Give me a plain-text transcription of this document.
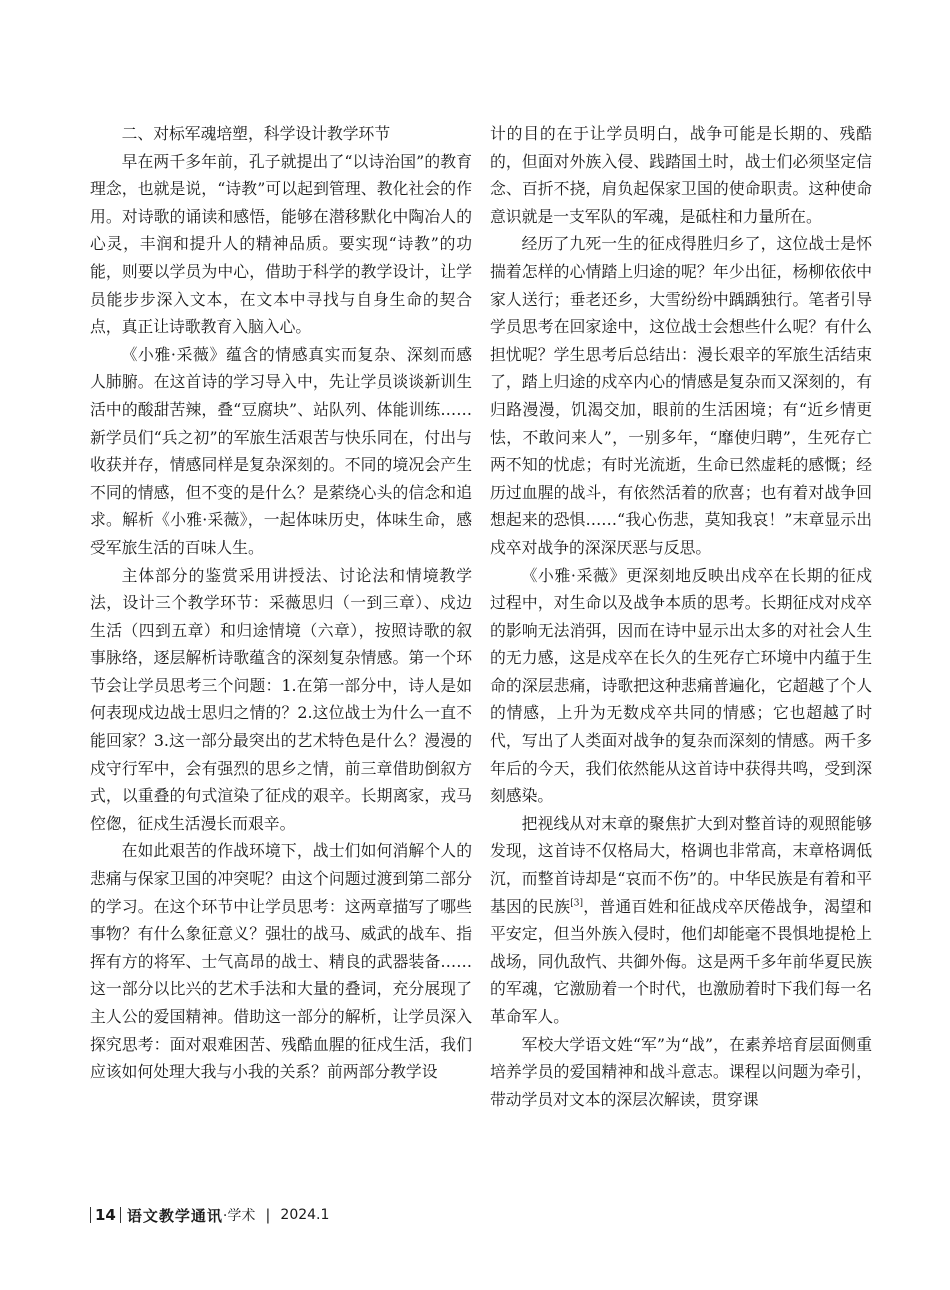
二、对标军魂培塑，科学设计教学环节

早在两千多年前，孔子就提出了“以诗治国”的教育理念，也就是说，“诗教”可以起到管理、教化社会的作用。对诗歌的诵读和感悟，能够在潜移默化中陶冶人的心灵，丰润和提升人的精神品质。要实现“诗教”的功能，则要以学员为中心，借助于科学的教学设计，让学员能步步深入文本，在文本中寻找与自身生命的契合点，真正让诗歌教育入脑入心。

《小雅·采薇》蕴含的情感真实而复杂、深刻而感人肺腑。在这首诗的学习导入中，先让学员谈谈新训生活中的酸甜苦辣，叠“豆腐块”、站队列、体能训练……新学员们“兵之初”的军旅生活艰苦与快乐同在，付出与收获并存，情感同样是复杂深刻的。不同的境况会产生不同的情感，但不变的是什么？是萦绕心头的信念和追求。解析《小雅·采薇》，一起体味历史，体味生命，感受军旅生活的百味人生。

主体部分的鉴赏采用讲授法、讨论法和情境教学法，设计三个教学环节：采薇思归（一到三章）、戍边生活（四到五章）和归途情境（六章），按照诗歌的叙事脉络，逐层解析诗歌蕴含的深刻复杂情感。第一个环节会让学员思考三个问题：1.在第一部分中，诗人是如何表现戍边战士思归之情的？2.这位战士为什么一直不能回家？3.这一部分最突出的艺术特色是什么？漫漫的戍守行军中，会有强烈的思乡之情，前三章借助倒叙方式，以重叠的句式渲染了征戍的艰辛。长期离家，戎马倥偬，征戍生活漫长而艰辛。

在如此艰苦的作战环境下，战士们如何消解个人的悲痛与保家卫国的冲突呢？由这个问题过渡到第二部分的学习。在这个环节中让学员思考：这两章描写了哪些事物？有什么象征意义？强壮的战马、威武的战车、指挥有方的将军、士气高昂的战士、精良的武器装备……这一部分以比兴的艺术手法和大量的叠词，充分展现了主人公的爱国精神。借助这一部分的解析，让学员深入探究思考：面对艰难困苦、残酷血腥的征戍生活，我们应该如何处理大我与小我的关系？前两部分教学设

计的目的在于让学员明白，战争可能是长期的、残酷的，但面对外族入侵、践踏国土时，战士们必须坚定信念、百折不挠，肩负起保家卫国的使命职责。这种使命意识就是一支军队的军魂，是砥柱和力量所在。

经历了九死一生的征戍得胜归乡了，这位战士是怀揣着怎样的心情踏上归途的呢？年少出征，杨柳依依中家人送行；垂老还乡，大雪纷纷中踽踽独行。笔者引导学员思考在回家途中，这位战士会想些什么呢？有什么担忧呢？学生思考后总结出：漫长艰辛的军旅生活结束了，踏上归途的戍卒内心的情感是复杂而又深刻的，有归路漫漫，饥渴交加，眼前的生活困境；有“近乡情更怯，不敢问来人”，一别多年，“靡使归聘”，生死存亡两不知的忧虑；有时光流逝，生命已然虚耗的感慨；经历过血腥的战斗，有依然活着的欣喜；也有着对战争回想起来的恐惧……“我心伤悲，莫知我哀！”末章显示出戍卒对战争的深深厌恶与反思。

《小雅·采薇》更深刻地反映出戍卒在长期的征戍过程中，对生命以及战争本质的思考。长期征戍对戍卒的影响无法消弭，因而在诗中显示出太多的对社会人生的无力感，这是戍卒在长久的生死存亡环境中内蕴于生命的深层悲痛，诗歌把这种悲痛普遍化，它超越了个人的情感，上升为无数戍卒共同的情感；它也超越了时代，写出了人类面对战争的复杂而深刻的情感。两千多年后的今天，我们依然能从这首诗中获得共鸣，受到深刻感染。

把视线从对末章的聚焦扩大到对整首诗的观照能够发现，这首诗不仅格局大，格调也非常高，末章格调低沉，而整首诗却是“哀而不伤”的。中华民族是有着和平基因的民族[3]，普通百姓和征战戍卒厌倦战争，渴望和平安定，但当外族入侵时，他们却能毫不畏惧地提枪上战场，同仇敌忾、共御外侮。这是两千多年前华夏民族的军魂，它激励着一个时代，也激励着时下我们每一名革命军人。

军校大学语文姓“军”为“战”，在素养培育层面侧重培养学员的爱国精神和战斗意志。课程以问题为牵引，带动学员对文本的深层次解读，贯穿课

14 语文教学通讯 ·学术 | 2024.1
